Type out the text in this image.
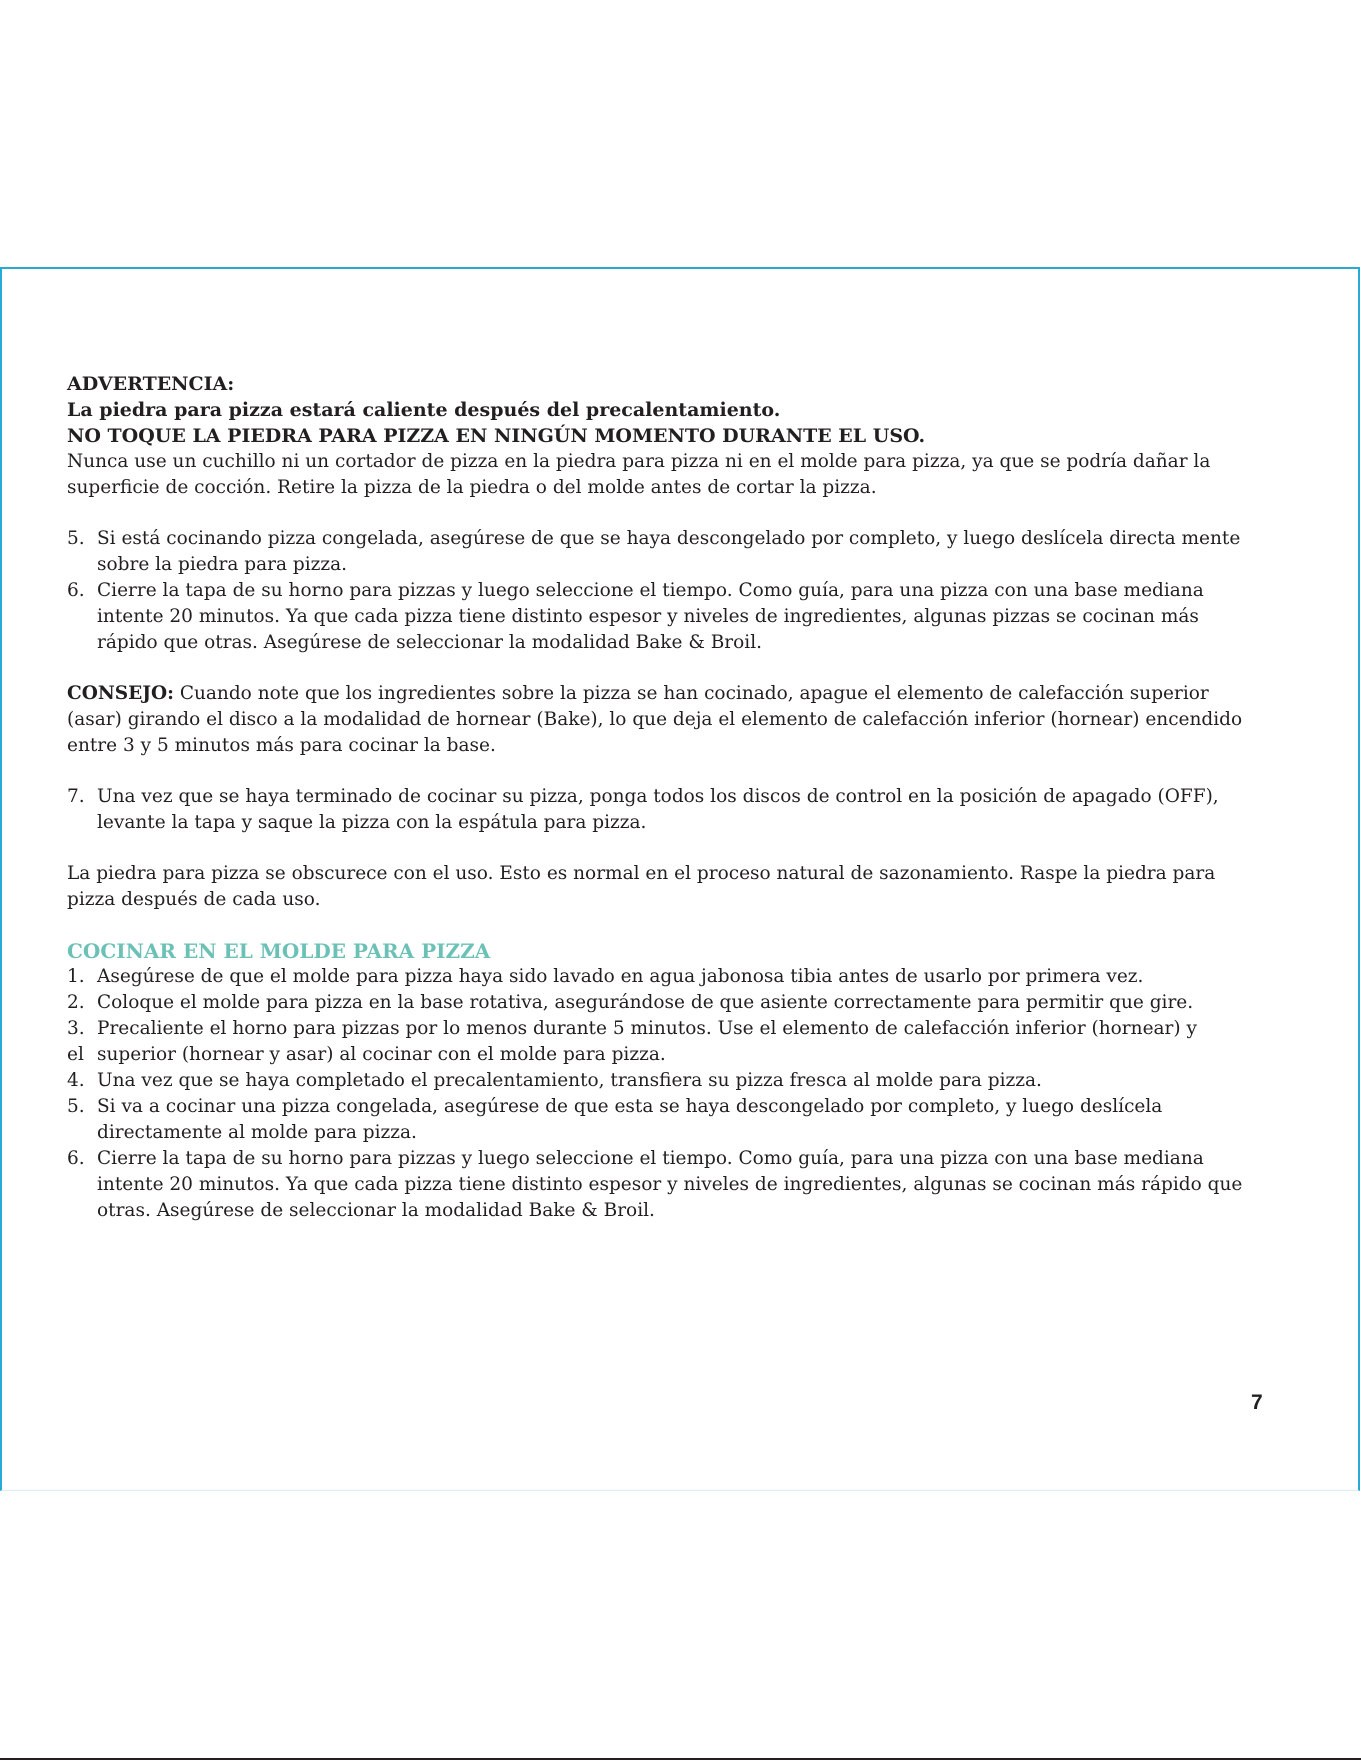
ADVERTENCIA:

La piedra para pizza estará caliente después del precalentamiento.

NO TOQUE LA PIEDRA PARA PIZZA EN NINGÚN MOMENTO DURANTE EL USO.

Nunca use un cuchillo ni un cortador de pizza en la piedra para pizza ni en el molde para pizza, ya que se podría dañar la superficie de cocción. Retire la pizza de la piedra o del molde antes de cortar la pizza.

5. Si está cocinando pizza congelada, asegúrese de que se haya descongelado por completo, y luego deslícela directa mente sobre la piedra para pizza.
6. Cierre la tapa de su horno para pizzas y luego seleccione el tiempo. Como guía, para una pizza con una base mediana intente 20 minutos. Ya que cada pizza tiene distinto espesor y niveles de ingredientes, algunas pizzas se cocinan más rápido que otras. Asegúrese de seleccionar la modalidad Bake & Broil.

CONSEJO: Cuando note que los ingredientes sobre la pizza se han cocinado, apague el elemento de calefacción superior (asar) girando el disco a la modalidad de hornear (Bake), lo que deja el elemento de calefacción inferior (hornear) encendido entre 3 y 5 minutos más para cocinar la base.

7. Una vez que se haya terminado de cocinar su pizza, ponga todos los discos de control en la posición de apagado (OFF), levante la tapa y saque la pizza con la espátula para pizza.

La piedra para pizza se obscurece con el uso. Esto es normal en el proceso natural de sazonamiento. Raspe la piedra para pizza después de cada uso.

COCINAR EN EL MOLDE PARA PIZZA

1. Asegúrese de que el molde para pizza haya sido lavado en agua jabonosa tibia antes de usarlo por primera vez.
2. Coloque el molde para pizza en la base rotativa, asegurándose de que asiente correctamente para permitir que gire.
3. Precaliente el horno para pizzas por lo menos durante 5 minutos. Use el elemento de calefacción inferior (hornear) y

el superior (hornear y asar) al cocinar con el molde para pizza.
4. Una vez que se haya completado el precalentamiento, transfiera su pizza fresca al molde para pizza.
5. Si va a cocinar una pizza congelada, asegúrese de que esta se haya descongelado por completo, y luego deslícela directamente al molde para pizza.
6. Cierre la tapa de su horno para pizzas y luego seleccione el tiempo. Como guía, para una pizza con una base mediana intente 20 minutos. Ya que cada pizza tiene distinto espesor y niveles de ingredientes, algunas se cocinan más rápido que otras. Asegúrese de seleccionar la modalidad Bake & Broil.
7
